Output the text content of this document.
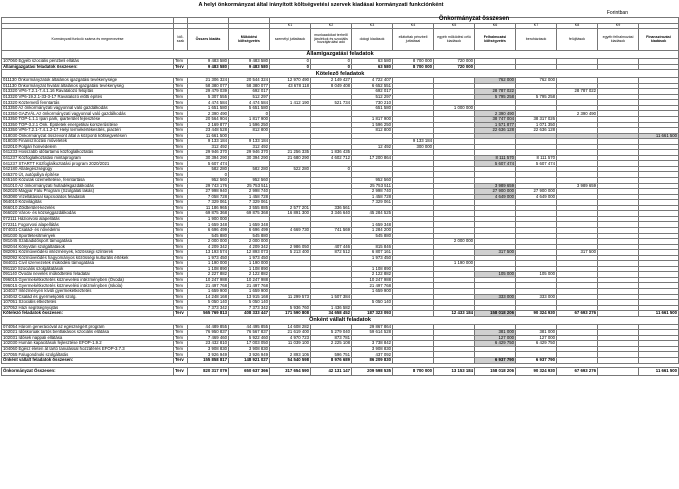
A helyi önkormányzat által irányított költségvetési szervek kiadásai kormányzati funkciónként
Forintban
				Önkormányzat összesen									
				K1	K2	K3	K4	K5	K6	K7	K8	K9	
Kormányzati funkció száma és megnevezése	Idő-szak	Összes kiadás	Működési költségvetés	személyi juttatások	munkaadókat terhelő járulékok és szociális hozzájárulási adó	dologi kiadások	ellátottak pénzbeli juttatásai	egyéb működési célú kiadások	Felhalmozási költségvetés	beruházások	felújítások	egyéb felhalmozási kiadások	Finanszírozási kiadások
Államigazgatási feladatok													
107060 Egyéb szociális pénzbeli ellátás	Terv	9 483 580	9 483 580	0	0	63 580	8 700 000	720 000					
Államigazgatási feladatok összesen:	Terv	9 483 580	9 483 580	0	0	63 580	8 700 000	720 000					
Kötelező feladatok													
011130 Önkormányzatok általános igazgatási tevékenysége	Terv	21 306 324	20 544 324	12 970 490	2 149 427	4 722 407			762 000	762 000			
011130 Önkormányzat hivatal általános igazgatási tevékenység	Terv	58 380 077	58 380 077	43 678 118	8 049 408	6 652 551							
013320 VP6-7.2.1-7.4.1.16 Ravatalozó felújítás	Terv	29 479 039	692 017			692 017			28 787 022		28 787 022		
013320 VP6-19.2.1-33-3-17 Ravatalozó előtti építés	Terv	5 307 555	512 297			512 297			5 795 258	5 795 258			
013320 Köztemető fenntartás	Terv	4 474 584	4 474 584	1 412 190	521 734	730 210							
013350 Az önkormányzati vagyonnal való gazdálkodás	Terv	1 651 580	5 651 580			651 580		1 000 000					
013350 GAZVÁL Az önkormányzati vagyonnal való gazdálkodás	Terv	2 390 490	0						2 390 490		2 390 490		
013350 TOP-1.1.1 Ipari park, iparterület fejlesztése	Terv	20 564 904	1 817 900			1 817 900			38 747 004	38 317 026			
013350 TOP-3.2.1 Önk. Épületek energetikai korszerűsítése	Terv	2 169 877	1 596 250			1 596 250			1 571 877	1 071 350			
013350 VP6-7.2.1-7.4.1.2-17 Helyi termékértékesítés, piactéri	Terv	23 448 528	812 800			812 800			22 636 128	22 636 128			
018030 Önkormányzat összevont által a központi költségvetésen	Terv	11 661 500											11 661 500
018030 Finanszírozási műveletek	Terv	9 133 184	9 133 184				9 133 184						
022010 Polgári honvédelem	Terv	312 492	312 492			12 492	300 000						
041233 Hosszabb időtartamú közfoglalkoztatás	Terv	29 946 370	29 946 370	21 256 335	1 836 435								
041237 Közfoglalkoztatási mintaprogram	Terv	30 394 290	30 394 290	21 680 290	4 602 712	17 200 864			8 111 570	8 111 570			
041237 STARTT Közfoglalkoztatási program 2020/2021	Terv	5 607 474							5 607 474	5 607 474			
042180 Állategészségügy	Terv	582 280	582 280	522 280	0								
045370 Út, autópálya építése	Terv	0											
045160 Közutak üzemeltetése, fenntartása	Terv	952 560	952 560			952 560							
051010 Az önkormányzati hulladékgazdálkodás	Terv	29 743 176	25 753 511			25 753 511			3 989 659		3 989 659		
062020 Magyar Falu Program (Szolgálati lakás)	Terv	27 998 940	2 998 740			2 998 740			27 900 000	27 900 000			
063080 Vízellátással kapcsolatos feladatok	Terv	7 058 728	1 458 728			1 458 728			4 649 000	4 649 000			
064010 Közvilágítás	Terv	7 329 061	7 329 061			7 329 061							
066010 Zöldterület-kezelés	Terv	11 186 965	3 555 885	2 577 201	336 561								
066020 Város- és községgazdálkodás	Terv	69 875 368	69 875 368	16 891 300	3 346 640	45 284 525							
072111 Háziorvosi alapellátás	Terv	1 900 000											
072311 Fogorvosi alapellátás	Terv	1 659 348	1 659 348			1 659 348							
074031 Család- és nővédelmi	Terv	6 696 499	6 696 499	4 669 730	741 569	1 284 200							
081030 Sportlétesítmények	Terv	545 880	545 880			545 880							
081045 Szabadidősport támogatása	Terv	2 000 000	2 000 000					2 000 000					
082044 Könyvtári szolgáltatások	Terv	4 209 342	4 209 342	2 986 050	407 446	815 846							
082091 Közművelődési intézmények, közösségi színterek	Terv	13 193 574	12 893 073	5 213 400	872 512	6 807 161			317 500		317 500		
082092 Közművelődés hagyományos közösségi kulturális értékek	Terv	1 973 450	1 973 450			1 973 450							
084031 Civil szervezetek működési támogatása	Terv	1 190 000	1 190 000					1 190 000					
091110 Szociális szolgáltatások	Terv	1 108 890	1 108 890			1 108 890							
091140 Óvodai nevelés működtetési feladatai	Terv	2 227 882	2 122 882			2 122 882			105 000	105 000			
096015 Gyermekétkeztetés köznevelési intézményben (Óvoda)	Terv	10 247 988	10 247 988			10 247 988							
096015 Gyermekétkeztetés köznevelési intézményben (Iskola)	Terv	21 497 768	21 497 768			21 497 768							
104037 Intézményen kívüli gyermekétkeztetés	Terv	1 659 900	1 659 900			1 659 900							
104042 Család és gyermekjóléti szolg.	Terv	14 248 168	13 915 168	11 299 573	1 507 384				333 000	333 000			
107051 Szociális étkeztetés	Terv	5 050 140	5 050 140			5 050 140							
107052 Házi segítségnyújtás	Terv	7 373 342	7 373 342	5 936 760	1 436 582								
Kötelező feladatok összesen:	Terv	565 769 813	408 333 447	171 590 808	34 658 452	187 323 093		12 433 184	158 018 206	90 324 930	67 693 276		11 661 500
Önként vállalt feladatok													
074054 Három generációval az egészségért program	Terv	44 489 855	44 495 855	14 608 282		29 867 864							
102021 Időskorúak tartós bentlakásos szociális ellátása	Terv	76 950 837	76 567 837	21 619 400	5 279 040	59 614 528			381 000	381 000			
102031 Idősek nappali ellátása	Terv	7 469 460	5 922 460	4 970 723	873 781				127 000	127 000			
102030 Humán kapacitások fejlesztése EFOP-1.9.2	Terv	23 432 810	17 003 050	11 039 100	2 225 108	3 738 842			6 429 750	6 429 750			
104060 Egész életen át tartó tanulással hozzáférés EFOP-3.7.3	Terv	3 908 830	3 908 830			3 908 830							
107055 Falugondnoki szolgáltatás	Terv	3 926 949	3 926 949	2 893 106	596 751	437 092							
Önként vállalt feladatok összesen:	Terv	155 858 817	148 921 027	54 540 598	8 976 689	86 209 830			6 937 790	6 937 790			

Önkormányzat Összesen:	Terv	820 317 079	650 637 366	317 654 590	42 131 147	209 598 535	8 700 000	13 153 184	158 018 206	90 324 930	67 693 276		11 661 500
